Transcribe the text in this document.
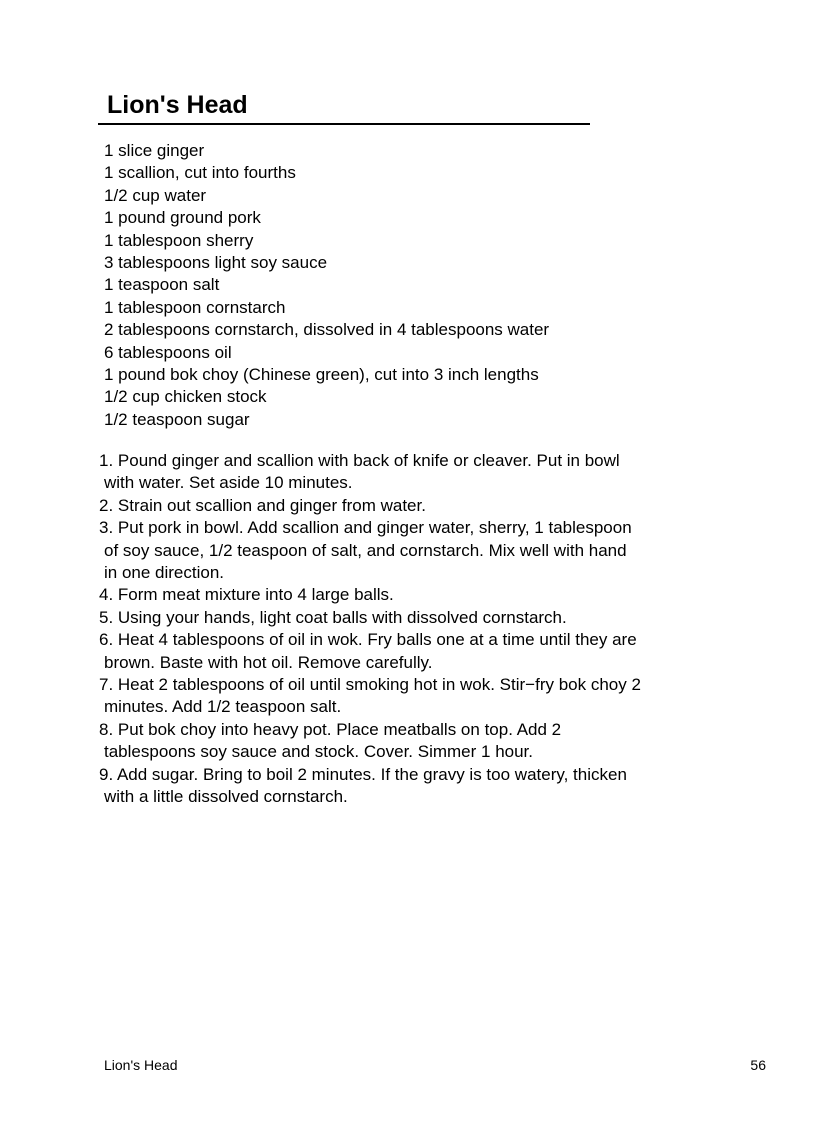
Lion's Head
1 slice ginger
1 scallion, cut into fourths
1/2 cup water
1 pound ground pork
1 tablespoon sherry
3 tablespoons light soy sauce
1 teaspoon salt
1 tablespoon cornstarch
2 tablespoons cornstarch, dissolved in 4 tablespoons water
6 tablespoons oil
1 pound bok choy (Chinese green), cut into 3 inch lengths
1/2 cup chicken stock
1/2 teaspoon sugar
1. Pound ginger and scallion with back of knife or cleaver. Put in bowl
with water. Set aside 10 minutes.
2. Strain out scallion and ginger from water.
3. Put pork in bowl. Add scallion and ginger water, sherry, 1 tablespoon
of soy sauce, 1/2 teaspoon of salt, and cornstarch. Mix well with hand
in one direction.
4. Form meat mixture into 4 large balls.
5. Using your hands, light coat balls with dissolved cornstarch.
6. Heat 4 tablespoons of oil in wok. Fry balls one at a time until they are
brown. Baste with hot oil. Remove carefully.
7. Heat 2 tablespoons of oil until smoking hot in wok. Stir−fry bok choy 2
minutes. Add 1/2 teaspoon salt.
8. Put bok choy into heavy pot. Place meatballs on top. Add 2
tablespoons soy sauce and stock. Cover. Simmer 1 hour.
9. Add sugar. Bring to boil 2 minutes. If the gravy is too watery, thicken
with a little dissolved cornstarch.
Lion's Head	56
